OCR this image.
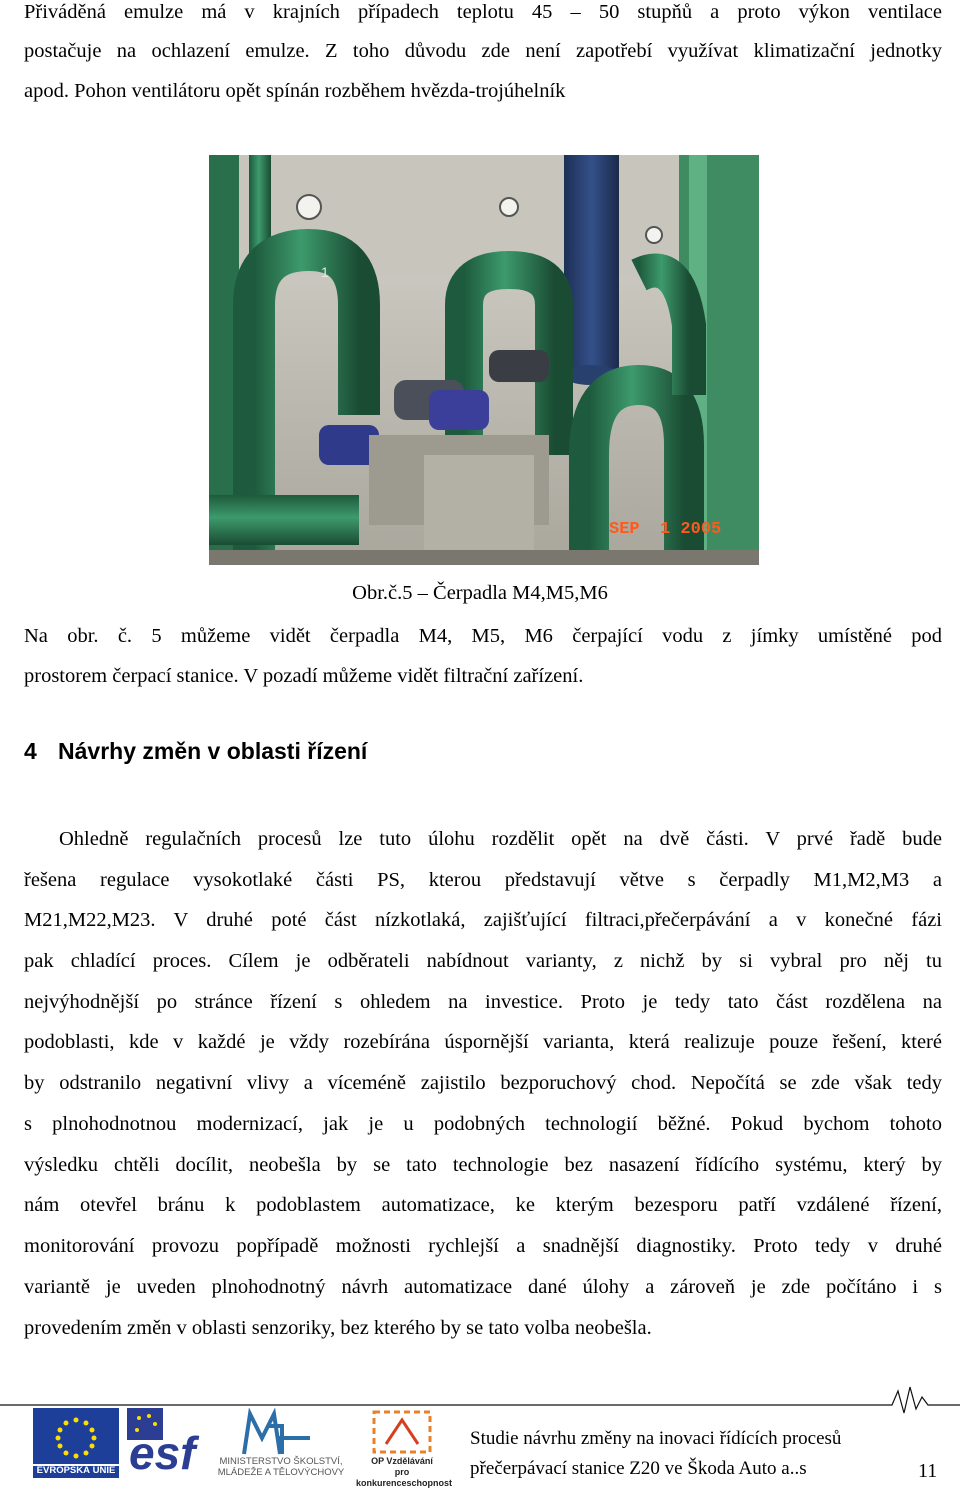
Přiváděná emulze má v krajních případech teplotu 45 – 50 stupňů a proto výkon ventilace
postačuje na ochlazení emulze. Z toho důvodu zde není zapotřebí využívat klimatizační jednotky
apod. Pohon ventilátoru opět spínán rozběhem hvězda-trojúhelník
1
SEP  1 2005
Obr.č.5 – Čerpadla M4,M5,M6
Na obr. č. 5 můžeme vidět čerpadla M4, M5, M6 čerpající vodu z jímky umístěné pod
prostorem čerpací stanice. V pozadí můžeme vidět filtrační zařízení.
4 Návrhy změn v oblasti řízení
Ohledně regulačních procesů lze tuto úlohu rozdělit opět na dvě části. V prvé řadě bude
řešena regulace vysokotlaké části PS, kterou představují větve s čerpadly M1,M2,M3 a
M21,M22,M23. V druhé poté část nízkotlaká, zajišťující filtraci,přečerpávání a v konečné fázi
pak chladící proces. Cílem je odběrateli nabídnout varianty, z nichž by si vybral pro něj tu
nejvýhodnější po stránce řízení s ohledem na investice. Proto je tedy tato část rozdělena na
podoblasti, kde v každé je vždy rozebírána úspornější varianta, která realizuje pouze řešení, které
by odstranilo negativní vlivy a víceméně zajistilo bezporuchový chod. Nepočítá se zde však tedy
s plnohodnotnou modernizací, jak je u podobných technologií běžné. Pokud bychom tohoto
výsledku chtěli docílit, neobešla by se tato technologie bez nasazení řídícího systému, který by
nám otevřel bránu k podoblastem automatizace, ke kterým bezesporu patří vzdálené řízení,
monitorování provozu popřípadě možnosti rychlejší a snadnější diagnostiky. Proto tedy v druhé
variantě je uveden plnohodnotný návrh automatizace dané úlohy a zároveň je zde počítáno i s
provedením změn v oblasti senzoriky, bez kterého by se tato volba neobešla.
EVROPSKÁ UNIE esf	MINISTERSTVO ŠKOLSTVÍ,
MLÁDEŽE A TĚLOVÝCHOVY
OP Vzdělávání
pro konkurenceschopnost
Studie návrhu změny na inovaci řídících procesů
přečerpávací stanice Z20 ve Škoda Auto a..s	11
